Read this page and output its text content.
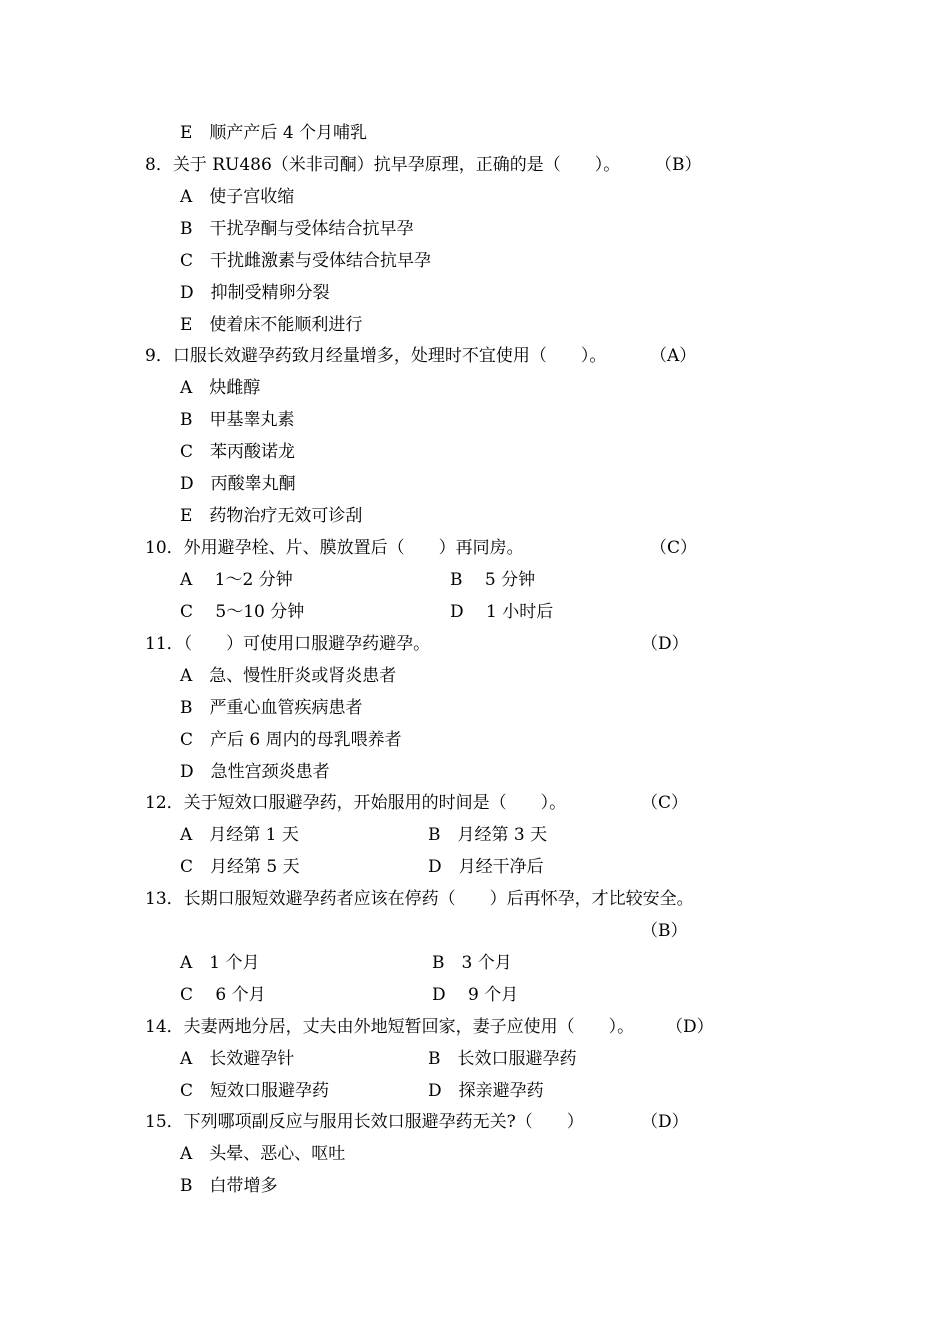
E　顺产产后 4 个月哺乳
8．关于 RU486（米非司酮）抗早孕原理，正确的是（　　）。 （B）
A　使子宫收缩
B　干扰孕酮与受体结合抗早孕
C　干扰雌激素与受体结合抗早孕
D　抑制受精卵分裂
E　使着床不能顺利进行
9．口服长效避孕药致月经量增多，处理时不宜使用（　　）。	（A）
A　炔雌醇
B　甲基睾丸素
C　苯丙酸诺龙
D　丙酸睾丸酮
E　药物治疗无效可诊刮
10．外用避孕栓、片、膜放置后（　　）再同房。	（C）
A　 1～2 分钟	B　 5 分钟
C　 5～10 分钟	D　 1 小时后
11．（　　）可使用口服避孕药避孕。	（D）
A　急、慢性肝炎或肾炎患者
B　严重心血管疾病患者
C　产后 6 周内的母乳喂养者
D　急性宫颈炎患者
12．关于短效口服避孕药，开始服用的时间是（　　）。	（C）
A　月经第 1 天	B　月经第 3 天
C　月经第 5 天	D　月经干净后
13．长期口服短效避孕药者应该在停药（　　）后再怀孕，才比较安全。
（B）
A　1 个月	B　3 个月
C　 6 个月	D　 9 个月
14．夫妻两地分居，丈夫由外地短暂回家，妻子应使用（　　）。 （D）
A　长效避孕针	B　长效口服避孕药
C　短效口服避孕药	D　探亲避孕药
15．下列哪项副反应与服用长效口服避孕药无关?（　　）	（D）
A　头晕、恶心、呕吐
B　白带增多
